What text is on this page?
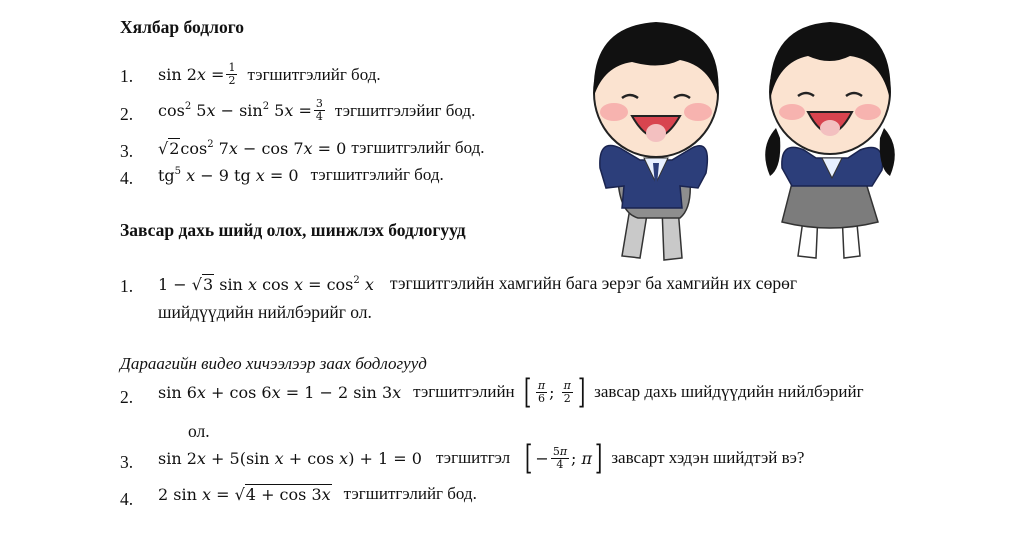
Хялбар бодлого
1. $\sin 2x = \frac{1}{2}$ тэгшитгэлийг бод.
2. $\cos^2 5x - \sin^2 5x = \frac{3}{4}$ тэгшитгэлэйиг бод.
3. $√2\cos^2$ 7x − cos 7x = 0 тэгшитгэлийг бод.
4. $tg^5$ x − 9 tg x = 0 тэгшитгэлийг бод.
Завсар дахь шийд олох, шинжлэх бодлогууд
1. 1 − √3 sin x $\cos x = \cos^2 x$ тэгшитгэлийн хамгийн бага эерэг ба хамгийн их сөрөг
шийдүүдийн нийлбэрийг ол.
Дараагийн видео хичээлээр заах бодлогууд
2. sin 6x + cos 6x = 1 − 2 sin 3x тэгшитгэлийн [ $\frac{\pi}{6}$ ; $\frac{\pi}{2}$ ] завсар дахь шийдүүдийн нийлбэрийг
ол.
3. sin 2x + 5(sin x + cos x) + 1 = 0 тэгшитгэл [ − $\frac{5\pi}{4}$ ; π ] завсарт хэдэн шийдтэй вэ?
4. 2 sin x = √4 + cos 3x тэгшитгэлийг бод.
